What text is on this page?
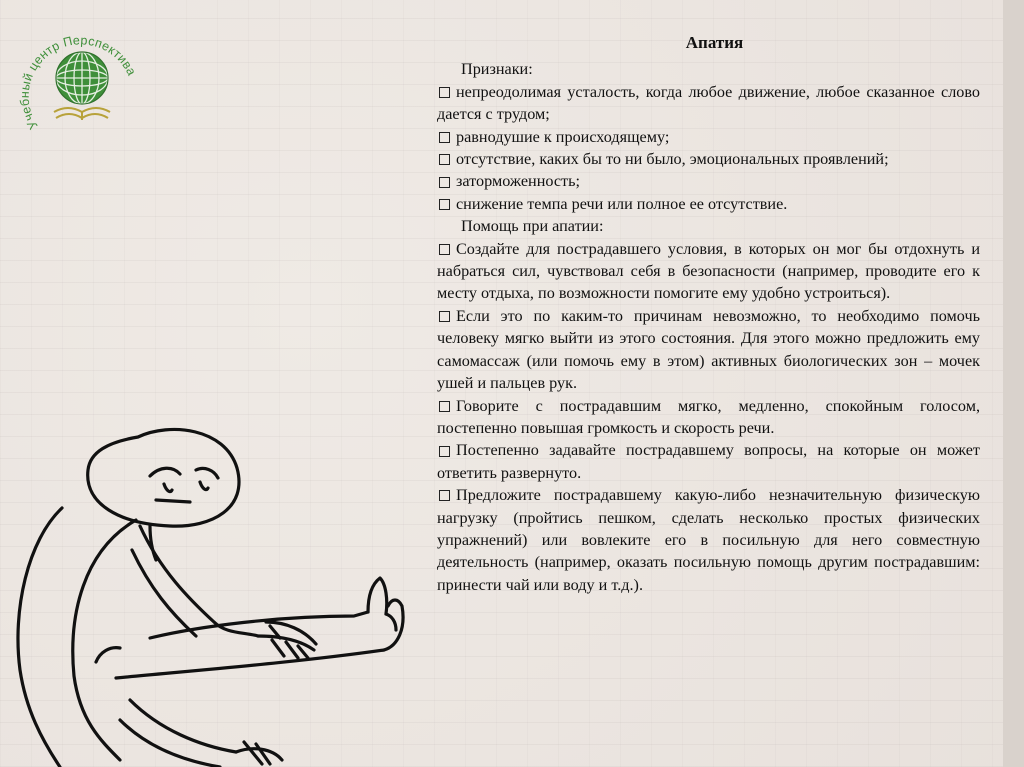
Учебный центр Перспектива
Апатия
Признаки:
непреодолимая усталость, когда любое движение, любое сказанное слово дается с трудом;
равнодушие к происходящему;
отсутствие, каких бы то ни было, эмоциональных проявлений;
заторможенность;
снижение темпа речи или полное ее отсутствие.
Помощь при апатии:
Создайте для пострадавшего условия, в которых он мог бы отдохнуть и набраться сил, чувствовал себя в безопасности (например, проводите его к месту отдыха, по возможности помогите ему удобно устроиться).
Если это по каким-то причинам невозможно, то необходимо помочь человеку мягко выйти из этого состояния. Для этого можно предложить ему самомассаж (или помочь ему в этом) активных биологических зон – мочек ушей и пальцев рук.
Говорите с пострадавшим мягко, медленно, спокойным голосом, постепенно повышая громкость и скорость речи.
Постепенно задавайте пострадавшему вопросы, на которые он может ответить развернуто.
Предложите пострадавшему какую-либо незначительную физическую нагрузку (пройтись пешком, сделать несколько простых физических упражнений) или вовлеките его в посильную для него совместную деятельность (например, оказать посильную помощь другим пострадавшим: принести чай или воду и т.д.).
